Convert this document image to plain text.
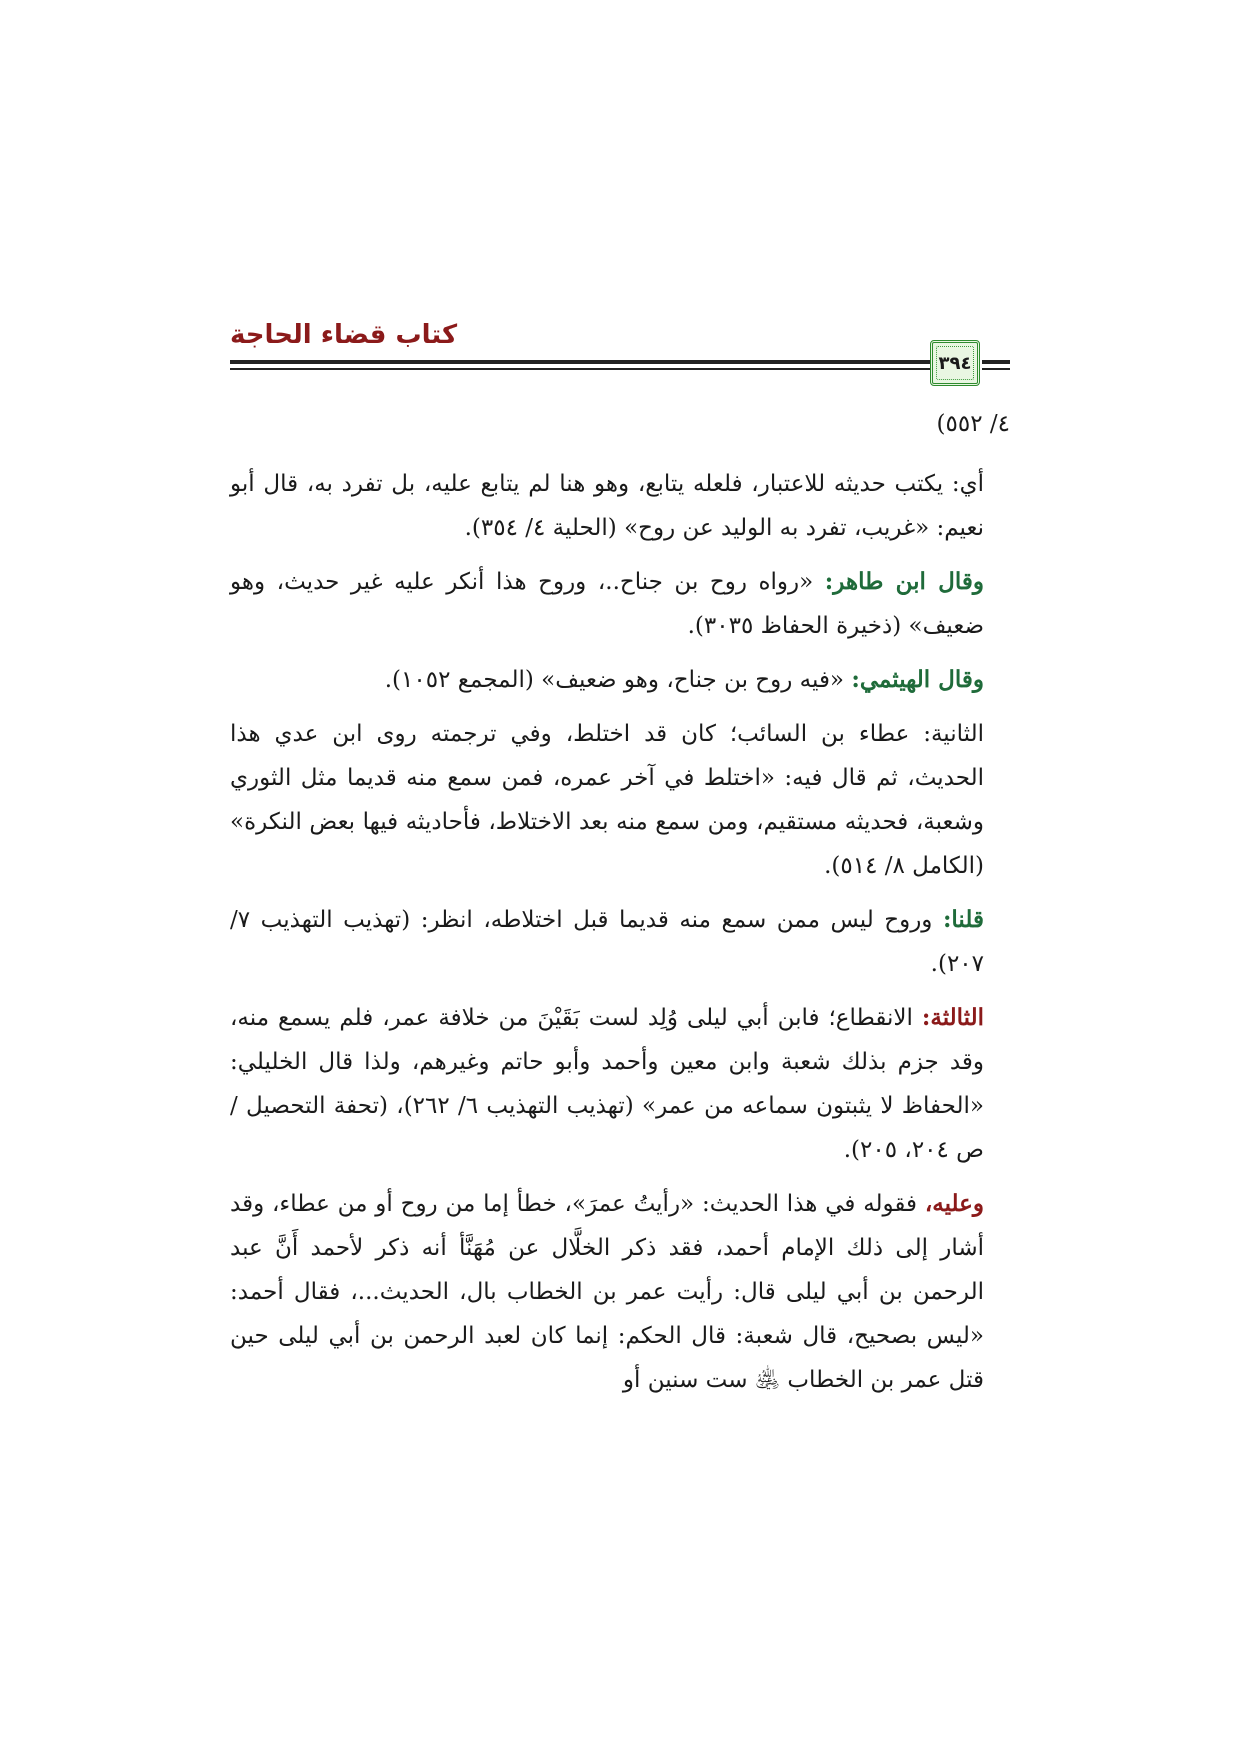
كتاب قضاء الحاجة
٣٩٤

٤/ ٥٥٢)

أي: يكتب حديثه للاعتبار، فلعله يتابع، وهو هنا لم يتابع عليه، بل تفرد به، قال أبو نعيم: «غريب، تفرد به الوليد عن روح» (الحلية ٤/ ٣٥٤).

وقال ابن طاهر: «رواه روح بن جناح..، وروح هذا أنكر عليه غير حديث، وهو ضعيف» (ذخيرة الحفاظ ٣٠٣٥).

وقال الهيثمي: «فيه روح بن جناح، وهو ضعيف» (المجمع ١٠٥٢).

الثانية: عطاء بن السائب؛ كان قد اختلط، وفي ترجمته روى ابن عدي هذا الحديث، ثم قال فيه: «اختلط في آخر عمره، فمن سمع منه قديما مثل الثوري وشعبة، فحديثه مستقيم، ومن سمع منه بعد الاختلاط، فأحاديثه فيها بعض النكرة» (الكامل ٨/ ٥١٤).

قلنا: وروح ليس ممن سمع منه قديما قبل اختلاطه، انظر: (تهذيب التهذيب ٧/ ٢٠٧).

الثالثة: الانقطاع؛ فابن أبي ليلى وُلِد لست بَقَيْنَ من خلافة عمر، فلم يسمع منه، وقد جزم بذلك شعبة وابن معين وأحمد وأبو حاتم وغيرهم، ولذا قال الخليلي: «الحفاظ لا يثبتون سماعه من عمر» (تهذيب التهذيب ٦/ ٢٦٢)، (تحفة التحصيل / ص ٢٠٤، ٢٠٥).

وعليه، فقوله في هذا الحديث: «رأيتُ عمرَ»، خطأ إما من روح أو من عطاء، وقد أشار إلى ذلك الإمام أحمد، فقد ذكر الخلَّال عن مُهَنَّأ أنه ذكر لأحمد أَنَّ عبد الرحمن بن أبي ليلى قال: رأيت عمر بن الخطاب بال، الحديث...، فقال أحمد: «ليس بصحيح، قال شعبة: قال الحكم: إنما كان لعبد الرحمن بن أبي ليلى حين قتل عمر بن الخطاب ﵁ ست سنين أو
